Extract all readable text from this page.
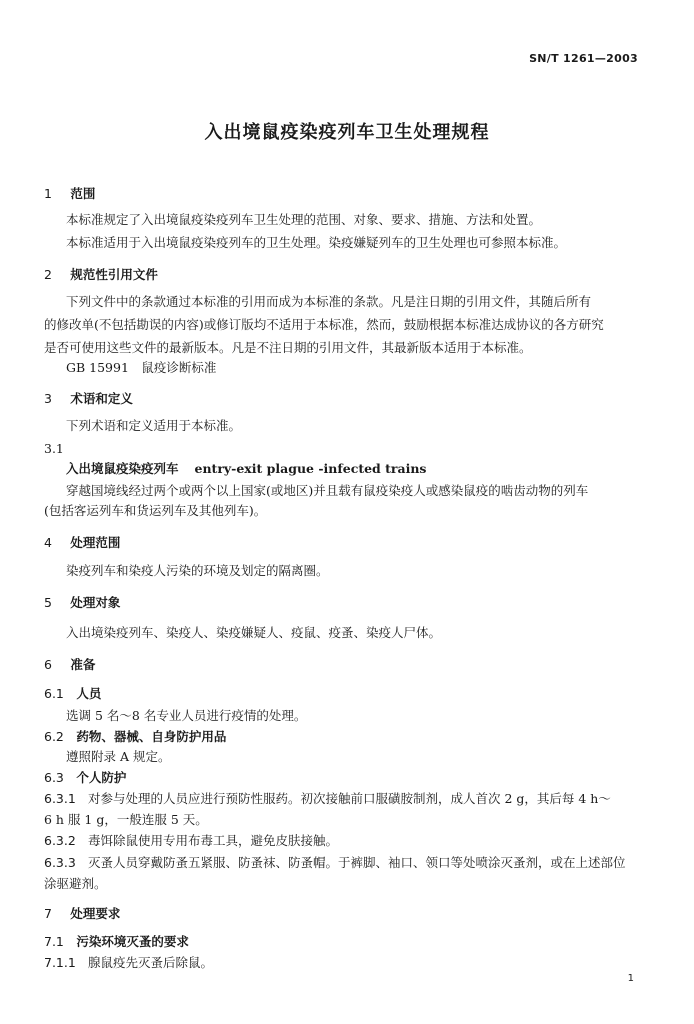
SN/T 1261—2003
入出境鼠疫染疫列车卫生处理规程
1 范围
本标准规定了入出境鼠疫染疫列车卫生处理的范围、对象、要求、措施、方法和处置。
本标准适用于入出境鼠疫染疫列车的卫生处理。染疫嫌疑列车的卫生处理也可参照本标准。
2 规范性引用文件
下列文件中的条款通过本标准的引用而成为本标准的条款。凡是注日期的引用文件，其随后所有
的修改单(不包括勘误的内容)或修订版均不适用于本标准，然而，鼓励根据本标准达成协议的各方研究
是否可使用这些文件的最新版本。凡是不注日期的引用文件，其最新版本适用于本标准。
GB 15991　鼠疫诊断标准
3 术语和定义
下列术语和定义适用于本标准。
3.1
入出境鼠疫染疫列车 entry-exit plague -infected trains
穿越国境线经过两个或两个以上国家(或地区)并且载有鼠疫染疫人或感染鼠疫的啮齿动物的列车
(包括客运列车和货运列车及其他列车)。
4 处理范围
染疫列车和染疫人污染的环境及划定的隔离圈。
5 处理对象
入出境染疫列车、染疫人、染疫嫌疑人、疫鼠、疫蚤、染疫人尸体。
6 准备
6.1 人员
选调 5 名～8 名专业人员进行疫情的处理。
6.2 药物、器械、自身防护用品
遵照附录 A 规定。
6.3 个人防护
6.3.1 对参与处理的人员应进行预防性服药。初次接触前口服磺胺制剂，成人首次 2 g，其后每 4 h～
6 h 服 1 g，一般连服 5 天。
6.3.2 毒饵除鼠使用专用布毒工具，避免皮肤接触。
6.3.3 灭蚤人员穿戴防蚤五紧服、防蚤袜、防蚤帽。于裤脚、袖口、领口等处喷涂灭蚤剂，或在上述部位
涂驱避剂。
7 处理要求
7.1 污染环境灭蚤的要求
7.1.1 腺鼠疫先灭蚤后除鼠。
1
